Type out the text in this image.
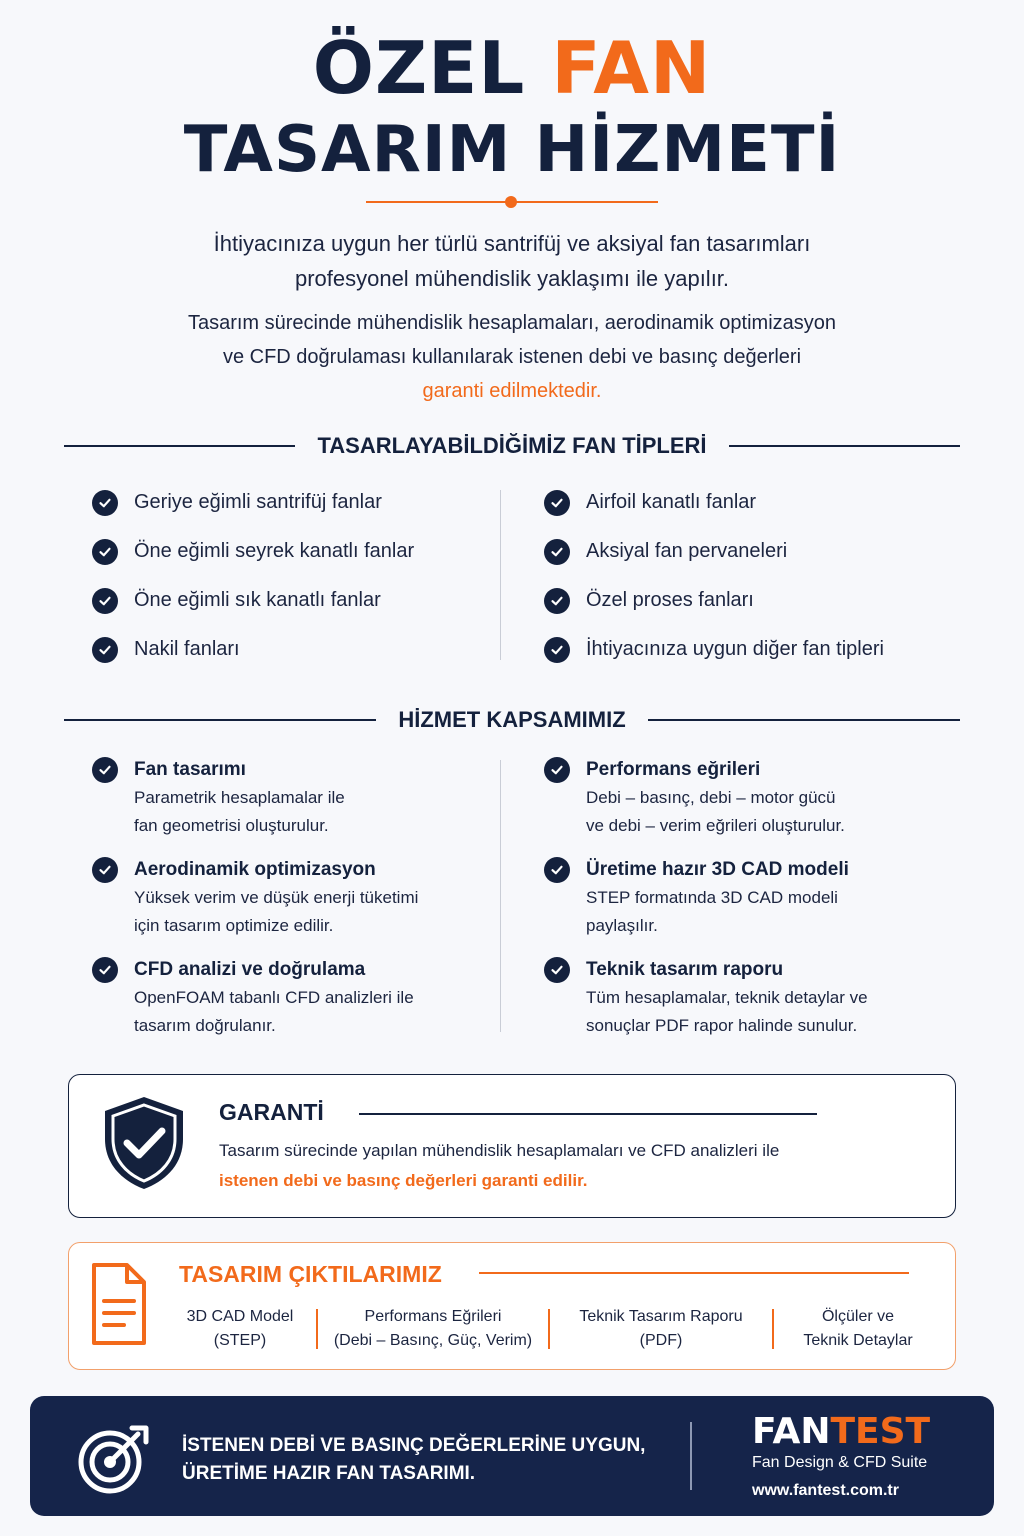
ÖZEL FAN
TASARIM HİZMETİ
İhtiyacınıza uygun her türlü santrifüj ve aksiyal fan tasarımları
profesyonel mühendislik yaklaşımı ile yapılır.
Tasarım sürecinde mühendislik hesaplamaları, aerodinamik optimizasyon
ve CFD doğrulaması kullanılarak istenen debi ve basınç değerleri
garanti edilmektedir.
TASARLAYABİLDİĞİMİZ FAN TİPLERİ
Geriye eğimli santrifüj fanlar
Öne eğimli seyrek kanatlı fanlar
Öne eğimli sık kanatlı fanlar
Nakil fanları
Airfoil kanatlı fanlar
Aksiyal fan pervaneleri
Özel proses fanları
İhtiyacınıza uygun diğer fan tipleri
HİZMET KAPSAMIMIZ
Fan tasarımı
Parametrik hesaplamalar ile
fan geometrisi oluşturulur.
Aerodinamik optimizasyon
Yüksek verim ve düşük enerji tüketimi
için tasarım optimize edilir.
CFD analizi ve doğrulama
OpenFOAM tabanlı CFD analizleri ile
tasarım doğrulanır.
Performans eğrileri
Debi – basınç, debi – motor gücü
ve debi – verim eğrileri oluşturulur.
Üretime hazır 3D CAD modeli
STEP formatında 3D CAD modeli
paylaşılır.
Teknik tasarım raporu
Tüm hesaplamalar, teknik detaylar ve
sonuçlar PDF rapor halinde sunulur.
GARANTİ
Tasarım sürecinde yapılan mühendislik hesaplamaları ve CFD analizleri ile
istenen debi ve basınç değerleri garanti edilir.
TASARIM ÇIKTILARIMIZ
3D CAD Model
(STEP)
Performans Eğrileri
(Debi – Basınç, Güç, Verim)
Teknik Tasarım Raporu
(PDF)
Ölçüler ve
Teknik Detaylar
İSTENEN DEBİ VE BASINÇ DEĞERLERİNE UYGUN,
ÜRETİME HAZIR FAN TASARIMI.
FANTEST
Fan Design & CFD Suite
www.fantest.com.tr
